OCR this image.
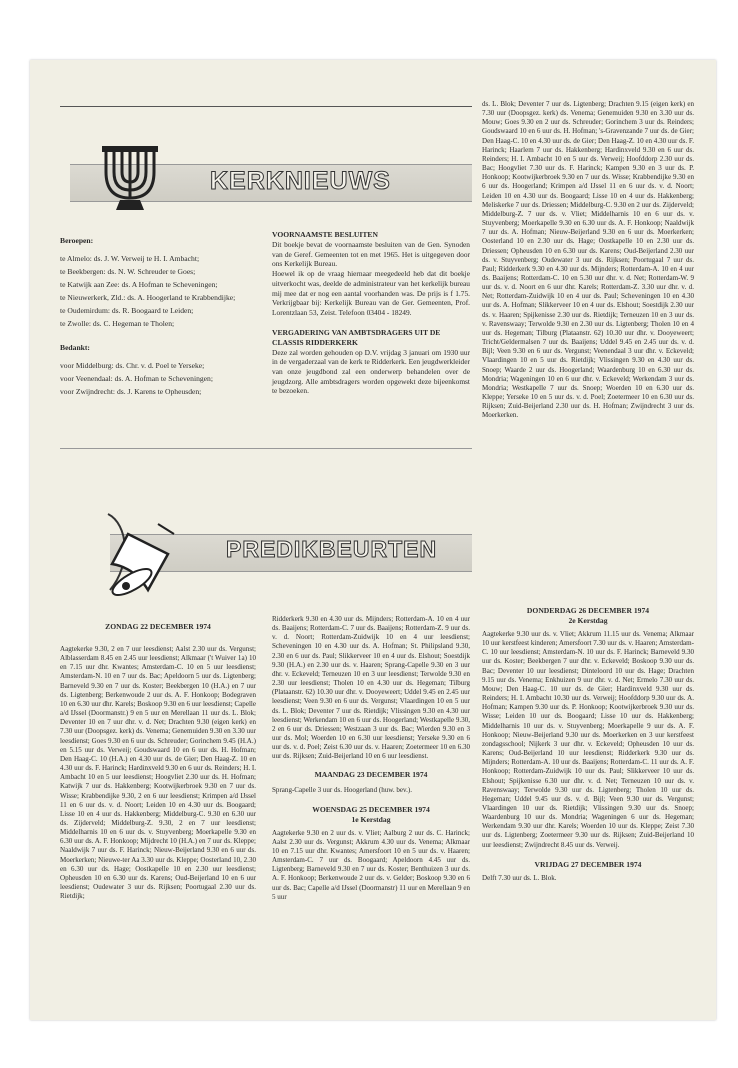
KERKNIEUWS
Beroepen:
te Almelo: ds. J. W. Verweij te H. I. Ambacht;
te Beekbergen: ds. N. W. Schreuder te Goes;
te Katwijk aan Zee: ds. A Hofman te Scheveningen;
te Nieuwerkerk, Zld.: ds. A. Hoogerland te Krabbendijke;
te Oudemirdum: ds. R. Boogaard te Leiden;
te Zwolle: ds. C. Hegeman te Tholen;
Bedankt:
voor Middelburg: ds. Chr. v. d. Poel te Yerseke;
voor Veenendaal: ds. A. Hofman te Scheveningen;
voor Zwijndrecht: ds. J. Karens te Opheusden;
VOORNAAMSTE BESLUITEN
Dit boekje bevat de voornaamste besluiten van de Gen. Synoden van de Geref. Gemeenten tot en met 1965. Het is uitgegeven door ons Kerkelijk Bureau.
Hoewel ik op de vraag hiernaar meegedeeld heb dat dit boekje uitverkocht was, deelde de administrateur van het kerkelijk bureau mij mee dat er nog een aantal voorhanden was. De prijs is f 1.75. Verkrijgbaar bij: Kerkelijk Bureau van de Ger. Gemeenten, Prof. Lorentzlaan 53, Zeist. Telefoon 03404 - 18249.
VERGADERING VAN AMBTSDRAGERS UIT DE CLASSIS RIDDERKERK
Deze zal worden gehouden op D.V. vrijdag 3 januari om 1930 uur in de vergaderzaal van de kerk te Ridderkerk. Een jeugdwerkleider van onze jeugdbond zal een onderwerp behandelen over de jeugdzorg. Alle ambtsdragers worden opgewekt deze bijeenkomst te bezoeken.
PREDIKBEURTEN
ds. L. Blok; Deventer 7 uur ds. Ligtenberg; Drachten 9.15 (eigen kerk) en 7.30 uur (Doopsgez. kerk) ds. Venema; Genemuiden 9.30 en 3.30 uur ds. Mouw; Goes 9.30 en 2 uur ds. Schreuder; Gorinchem 3 uur ds. Reinders; Goudswaard 10 en 6 uur ds. H. Hofman; 's-Gravenzande 7 uur ds. de Gier; Den Haag-C. 10 en 4.30 uur ds. de Gier; Den Haag-Z. 10 en 4.30 uur ds. F. Harinck; Haarlem 7 uur ds. Hakkenberg; Hardinxveld 9.30 en 6 uur ds. Reinders; H. I. Ambacht 10 en 5 uur ds. Verweij; Hoofddorp 2.30 uur ds. Bac; Hoogvliet 7.30 uur ds. F. Harinck; Kampen 9.30 en 3 uur ds. P. Honkoop; Kootwijkerbroek 9.30 en 7 uur ds. Wisse; Krabbendijke 9.30 en 6 uur ds. Hoogerland; Krimpen a/d IJssel 11 en 6 uur ds. v. d. Noort; Leiden 10 en 4.30 uur ds. Boogaard; Lisse 10 en 4 uur ds. Hakkenberg; Meliskerke 7 uur ds. Driessen; Middelburg-C. 9.30 en 2 uur ds. Zijderveld; Middelburg-Z. 7 uur ds. v. Vliet; Middelharnis 10 en 6 uur ds. v. Stuyvenberg; Moerkapelle 9.30 en 6.30 uur ds. A. F. Honkoop; Naaldwijk 7 uur ds. A. Hofman; Nieuw-Beijerland 9.30 en 6 uur ds. Moerkerken; Oosterland 10 en 2.30 uur ds. Hage; Oostkapelle 10 en 2.30 uur ds. Driessen; Opheusden 10 en 6.30 uur ds. Karens; Oud-Beijerland 2.30 uur ds. v. Stuyvenberg; Oudewater 3 uur ds. Rijksen; Poortugaal 7 uur ds. Paul; Ridderkerk 9.30 en 4.30 uur ds. Mijnders; Rotterdam-A. 10 en 4 uur ds. Baaijens; Rotterdam-C. 10 en 5.30 uur dhr. v. d. Net; Rotterdam-W. 9 uur ds. v. d. Noort en 6 uur dhr. Karels; Rotterdam-Z. 3.30 uur dhr. v. d. Net; Rotterdam-Zuidwijk 10 en 4 uur ds. Paul; Scheveningen 10 en 4.30 uur ds. A. Hofman; Slikkerveer 10 en 4 uur ds. Elshout; Soestdijk 2.30 uur ds. v. Haaren; Spijkenisse 2.30 uur ds. Rietdijk; Terneuzen 10 en 3 uur ds. v. Ravenswaay; Terwolde 9.30 en 2.30 uur ds. Ligtenberg; Tholen 10 en 4 uur ds. Hegeman; Tilburg (Plataanstr. 62) 10.30 uur dhr. v. Dooyeweert; Tricht/Geldermalsen 7 uur ds. Baaijens; Uddel 9.45 en 2.45 uur ds. v. d. Bijl; Veen 9.30 en 6 uur ds. Vergunst; Veenendaal 3 uur dhr. v. Eckeveld; Vlaardingen 10 en 5 uur ds. Rietdijk; Vlissingen 9.30 en 4.30 uur ds. Snoep; Waarde 2 uur ds. Hoogerland; Waardenburg 10 en 6.30 uur ds. Mondria; Wageningen 10 en 6 uur dhr. v. Eckeveld; Werkendam 3 uur ds. Mondria; Westkapelle 7 uur ds. Snoep; Woerden 10 en 6.30 uur ds. Kleppe; Yerseke 10 en 5 uur ds. v. d. Poel; Zoetermeer 10 en 6.30 uur ds. Rijksen; Zuid-Beijerland 2.30 uur ds. H. Hofman; Zwijndrecht 3 uur ds. Moerkerken.
ZONDAG 22 DECEMBER 1974
Aagtekerke 9.30, 2 en 7 uur leesdienst; Aalst 2.30 uur ds. Vergunst; Alblasserdam 8.45 en 2.45 uur leesdienst; Alkmaar ('t Wuiver 1a) 10 en 7.15 uur dhr. Kwantes; Amsterdam-C. 10 en 5 uur leesdienst; Amsterdam-N. 10 en 7 uur ds. Bac; Apeldoorn 5 uur ds. Ligtenberg; Barneveld 9.30 en 7 uur ds. Koster; Beekbergen 10 (H.A.) en 7 uur ds. Ligtenberg; Berkenwoude 2 uur ds. A. F. Honkoop; Bodegraven 10 en 6.30 uur dhr. Karels; Boskoop 9.30 en 6 uur leesdienst; Capelle a/d IJssel (Doormanstr.) 9 en 5 uur en Merellaan 11 uur ds. L. Blok; Deventer 10 en 7 uur dhr. v. d. Net; Drachten 9.30 (eigen kerk) en 7.30 uur (Doopsgez. kerk) ds. Venema; Genemuiden 9.30 en 3.30 uur leesdienst; Goes 9.30 en 6 uur ds. Schreuder; Gorinchem 9.45 (H.A.) en 5.15 uur ds. Verweij; Goudswaard 10 en 6 uur ds. H. Hofman; Den Haag-C. 10 (H.A.) en 4.30 uur ds. de Gier; Den Haag-Z. 10 en 4.30 uur ds. F. Harinck; Hardinxveld 9.30 en 6 uur ds. Reinders; H. I. Ambacht 10 en 5 uur leesdienst; Hoogvliet 2.30 uur ds. H. Hofman; Katwijk 7 uur ds. Hakkenberg; Kootwijkerbroek 9.30 en 7 uur ds. Wisse; Krabbendijke 9.30, 2 en 6 uur leesdienst; Krimpen a/d IJssel 11 en 6 uur ds. v. d. Noort; Leiden 10 en 4.30 uur ds. Boogaard; Lisse 10 en 4 uur ds. Hakkenberg; Middelburg-C. 9.30 en 6.30 uur ds. Zijderveld; Middelburg-Z. 9.30, 2 en 7 uur leesdienst; Middelharnis 10 en 6 uur ds. v. Stuyvenberg; Moerkapelle 9.30 en 6.30 uur ds. A. F. Honkoop; Mijdrecht 10 (H.A.) en 7 uur ds. Kleppe; Naaldwijk 7 uur ds. F. Harinck; Nieuw-Beijerland 9.30 en 6 uur ds. Moerkerken; Nieuwe-ter Aa 3.30 uur ds. Kleppe; Oosterland 10, 2.30 en 6.30 uur ds. Hage; Oostkapelle 10 en 2.30 uur leesdienst; Opheusden 10 en 6.30 uur ds. Karens; Oud-Beijerland 10 en 6 uur leesdienst; Oudewater 3 uur ds. Rijksen; Poortugaal 2.30 uur ds. Rietdijk;
Ridderkerk 9.30 en 4.30 uur ds. Mijnders; Rotterdam-A. 10 en 4 uur ds. Baaijens; Rotterdam-C. 7 uur ds. Baaijens; Rotterdam-Z. 9 uur ds. v. d. Noort; Rotterdam-Zuidwijk 10 en 4 uur leesdienst; Scheveningen 10 en 4.30 uur ds. A. Hofman; St. Philipsland 9.30, 2.30 en 6 uur ds. Paul; Slikkerveer 10 en 4 uur ds. Elshout; Soestdijk 9.30 (H.A.) en 2.30 uur ds. v. Haaren; Sprang-Capelle 9.30 en 3 uur dhr. v. Eckeveld; Terneuzen 10 en 3 uur leesdienst; Terwolde 9.30 en 2.30 uur leesdienst; Tholen 10 en 4.30 uur ds. Hegeman; Tilburg (Plataanstr. 62) 10.30 uur dhr. v. Dooyeweert; Uddel 9.45 en 2.45 uur leesdienst; Veen 9.30 en 6 uur ds. Vergunst; Vlaardingen 10 en 5 uur ds. L. Blok; Deventer 7 uur ds. Rietdijk; Vlissingen 9.30 en 4.30 uur leesdienst; Werkendam 10 en 6 uur ds. Hoogerland; Westkapelle 9.30, 2 en 6 uur ds. Driessen; Westzaan 3 uur ds. Bac; Wierden 9.30 en 3 uur ds. Mol; Woerden 10 en 6.30 uur leesdienst; Yerseke 9.30 en 6 uur ds. v. d. Poel; Zeist 6.30 uur ds. v. Haaren; Zoetermeer 10 en 6.30 uur ds. Rijksen; Zuid-Beijerland 10 en 6 uur leesdienst.
MAANDAG 23 DECEMBER 1974
Sprang-Capelle 3 uur ds. Hoogerland (huw. bev.).
WOENSDAG 25 DECEMBER 1974
1e Kerstdag
Aagtekerke 9.30 en 2 uur ds. v. Vliet; Aalburg 2 uur ds. C. Harinck; Aalst 2.30 uur ds. Vergunst; Akkrum 4.30 uur ds. Venema; Alkmaar 10 en 7.15 uur dhr. Kwantes; Amersfoort 10 en 5 uur ds. v. Haaren; Amsterdam-C. 7 uur ds. Boogaard; Apeldoorn 4.45 uur ds. Ligtenberg; Barneveld 9.30 en 7 uur ds. Koster; Benthuizen 3 uur ds. A. F. Honkoop; Berkenwoude 2 uur ds. v. Gelder; Boskoop 9.30 en 6 uur ds. Bac; Capelle a/d IJssel (Doormanstr) 11 uur en Merellaan 9 en 5 uur
DONDERDAG 26 DECEMBER 1974
2e Kerstdag
Aagtekerke 9.30 uur ds. v. Vliet; Akkrum 11.15 uur ds. Venema; Alkmaar 10 uur kerstfeest kinderen; Amersfoort 7.30 uur ds. v. Haaren; Amsterdam-C. 10 uur leesdienst; Amsterdam-N. 10 uur ds. F. Harinck; Barneveld 9.30 uur ds. Koster; Beekbergen 7 uur dhr. v. Eckeveld; Boskoop 9.30 uur ds. Bac; Deventer 10 uur leesdienst; Dinteloord 10 uur ds. Hage; Drachten 9.15 uur ds. Venema; Enkhuizen 9 uur dhr. v. d. Net; Ermelo 7.30 uur ds. Mouw; Den Haag-C. 10 uur ds. de Gier; Hardinxveld 9.30 uur ds. Reinders; H. I. Ambacht 10.30 uur ds. Verweij; Hoofddorp 9.30 uur ds. A. Hofman; Kampen 9.30 uur ds. P. Honkoop; Kootwijkerbroek 9.30 uur ds. Wisse; Leiden 10 uur ds. Boogaard; Lisse 10 uur ds. Hakkenberg; Middelharnis 10 uur ds. v. Stuyvenberg; Moerkapelle 9 uur ds. A. F. Honkoop; Nieuw-Beijerland 9.30 uur ds. Moerkerken en 3 uur kerstfeest zondagsschool; Nijkerk 3 uur dhr. v. Eckeveld; Opheusden 10 uur ds. Karens; Oud-Beijerland 10 uur leesdienst; Ridderkerk 9.30 uur ds. Mijnders; Rotterdam-A. 10 uur ds. Baaijens; Rotterdam-C. 11 uur ds. A. F. Honkoop; Rotterdam-Zuidwijk 10 uur ds. Paul; Slikkerveer 10 uur ds. Elshout; Spijkenisse 6.30 uur dhr. v. d. Net; Terneuzen 10 uur ds. v. Ravenswaay; Terwolde 9.30 uur ds. Ligtenberg; Tholen 10 uur ds. Hegeman; Uddel 9.45 uur ds. v. d. Bijl; Veen 9.30 uur ds. Vergunst; Vlaardingen 10 uur ds. Rietdijk; Vlissingen 9.30 uur ds. Snoep; Waardenburg 10 uur ds. Mondria; Wageningen 6 uur ds. Hegeman; Werkendam 9.30 uur dhr. Karels; Woerden 10 uur ds. Kleppe; Zeist 7.30 uur ds. Ligtenberg; Zoetermeer 9.30 uur ds. Rijksen; Zuid-Beijerland 10 uur leesdienst; Zwijndrecht 8.45 uur ds. Verweij.
VRIJDAG 27 DECEMBER 1974
Delft 7.30 uur ds. L. Blok.
